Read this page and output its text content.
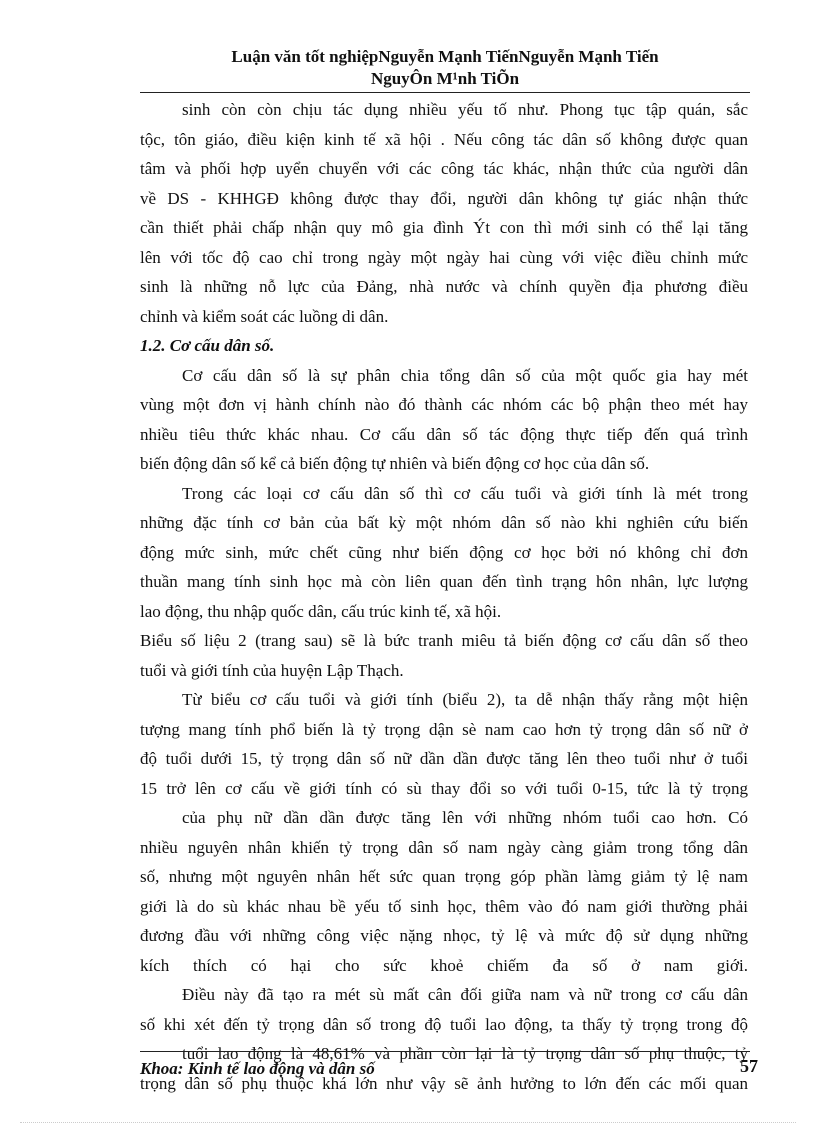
Luận văn tốt nghiệpNguyễn Mạnh TiếnNguyễn Mạnh Tiến
NguyÔn M¹nh TiÕn
sinh còn còn chịu tác dụng nhiều yếu tố như. Phong tục tập quán, sắc
tộc, tôn giáo, điều kiện kinh tế xã hội . Nếu công tác dân số không được quan
tâm và phối hợp uyển chuyển với các công tác khác, nhận thức của người dân
về DS - KHHGĐ không được thay đổi, người dân không tự giác nhận thức
cần thiết phải chấp nhận quy mô gia đình Ýt con thì mới sinh có thể lại tăng
lên với tốc độ cao chỉ trong ngày một ngày hai cùng với việc điều chỉnh mức
sinh là những nỗ lực của Đảng, nhà nước và chính quyền địa phương điều
chỉnh và kiểm soát các luồng di dân.
1.2. Cơ cấu dân số.
Cơ cấu dân số là sự phân chia tổng dân số của một quốc gia hay mét
vùng một đơn vị hành chính nào đó thành các nhóm các bộ phận theo mét hay
nhiều tiêu thức khác nhau. Cơ cấu dân số tác động thực tiếp đến quá trình
biến động dân số kể cả biến động tự nhiên và biến động cơ học của dân số.
Trong các loại cơ cấu dân số thì cơ cấu tuổi và giới tính là mét trong
những đặc tính cơ bản của bất kỳ một nhóm dân số nào khi nghiên cứu biến
động mức sinh, mức chết cũng như biến động cơ học bởi nó không chỉ đơn
thuần mang tính sinh học mà còn liên quan đến tình trạng hôn nhân, lực lượng
lao động, thu nhập quốc dân, cấu trúc kinh tế, xã hội.
Biểu số liệu 2 (trang sau) sẽ là bức tranh miêu tả biến động cơ cấu dân số theo
tuổi và giới tính của huyện Lập Thạch.
Từ biểu cơ cấu tuổi và giới tính (biểu 2), ta dễ nhận thấy rằng một hiện
tượng mang tính phổ biến là tỷ trọng dận sè nam cao hơn tỷ trọng dân số nữ ở
độ tuổi dưới 15, tỷ trọng dân số nữ dần dần được tăng lên theo tuổi như ở tuổi
15 trở lên cơ cấu về giới tính có sù thay đổi so với tuổi 0-15, tức là tỷ trọng
của phụ nữ dần dần được tăng lên với những nhóm tuổi cao hơn. Có
nhiều nguyên nhân khiến tỷ trọng dân số nam ngày càng giảm trong tổng dân
số, nhưng một nguyên nhân hết sức quan trọng góp phần làmg giảm tỷ lệ nam
giới là do sù khác nhau bề yếu tố sinh học, thêm vào đó nam giới thường phải
đương đầu với những công việc nặng nhọc, tỷ lệ và mức độ sử dụng những
kích thích có hại cho sức khoẻ chiếm đa số ở nam giới.
Điều này đã tạo ra mét sù mất cân đối giữa nam và nữ trong cơ cấu dân
số khi xét đến tỷ trọng dân số trong độ tuổi lao động, ta thấy tỷ trọng trong độ
tuổi lao động là 48,61% và phần còn lại là tỷ trọng dân số phụ thuộc, tỷ
trọng dân số phụ thuộc khá lớn như vậy sẽ ảnh hưởng to lớn đến các mối quan
Khoa: Kinh tế lao động và dân số	57
